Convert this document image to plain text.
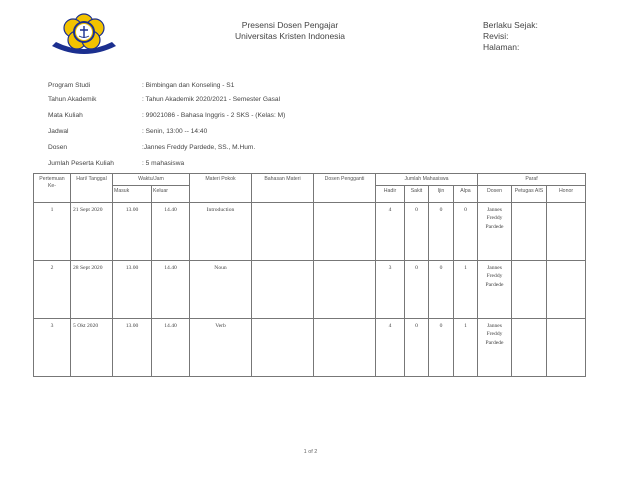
Presensi Dosen Pengajar
Universitas Kristen Indonesia
Berlaku Sejak:
Revisi:
Halaman:
Program Studi	: Bimbingan dan Konseling - S1
Tahun Akademik	: Tahun Akademik 2020/2021 - Semester Gasal
Mata Kuliah	: 99021086 - Bahasa Inggris - 2 SKS - (Kelas: M)
Jadwal	: Senin, 13:00 -- 14:40
Dosen	:Jannes Freddy Pardede, SS., M.Hum.
Jumlah Peserta Kuliah	: 5 mahasiswa
Pertemuan Ke-	Hari/ Tanggal	Waktu/Jam		Materi Pokok	Bahasan Materi	Dosen Pengganti	Jumlah Mahasiswa				Paraf		
		Masuk	Keluar				Hadir	Sakit	Ijin	Alpa	Dosen	Petugas AIS	Honor
1	21 Sept 2020	13.00	14.40	Introduction			4	0	0	0	Jannes
Freddy
Pardede		

2	28 Sept 2020	13.00	14.40	Noun			3	0	0	1	Jannes
Freddy
Pardede		

3	5 Okt 2020	13.00	14.40	Verb			4	0	0	1	Jannes
Freddy
Pardede		

1 of 2
